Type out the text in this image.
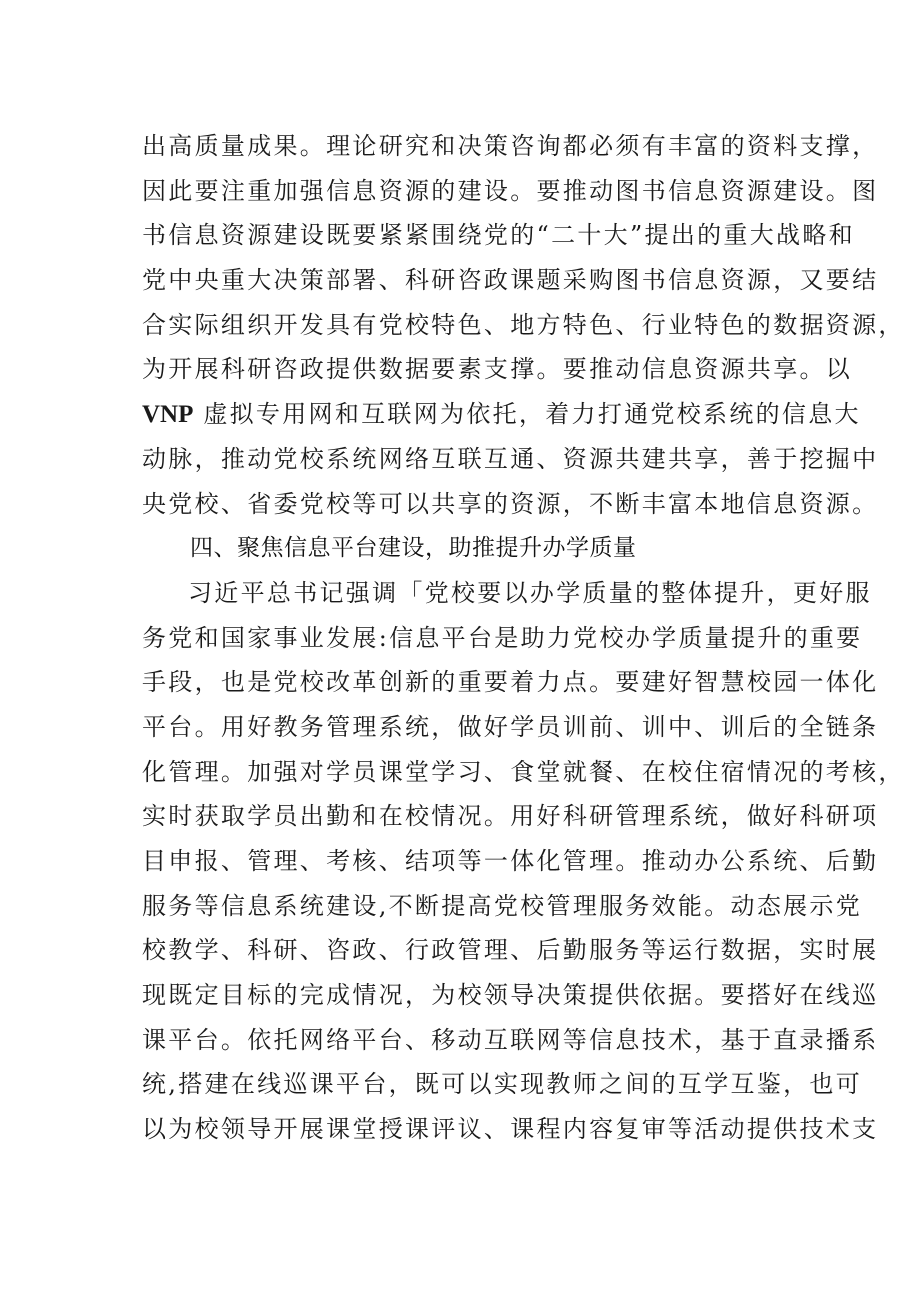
出高质量成果。理论研究和决策咨询都必须有丰富的资料支撑，
因此要注重加强信息资源的建设。要推动图书信息资源建设。图
书信息资源建设既要紧紧围绕党的“二十大”提出的重大战略和
党中央重大决策部署、科研咨政课题采购图书信息资源，又要结
合实际组织开发具有党校特色、地方特色、行业特色的数据资源，
为开展科研咨政提供数据要素支撑。要推动信息资源共享。以
VNP 虚拟专用网和互联网为依托，着力打通党校系统的信息大
动脉，推动党校系统网络互联互通、资源共建共享，善于挖掘中
央党校、省委党校等可以共享的资源，不断丰富本地信息资源。
四、聚焦信息平台建设，助推提升办学质量
习近平总书记强调「党校要以办学质量的整体提升，更好服
务党和国家事业发展:信息平台是助力党校办学质量提升的重要
手段，也是党校改革创新的重要着力点。要建好智慧校园一体化
平台。用好教务管理系统，做好学员训前、训中、训后的全链条
化管理。加强对学员课堂学习、食堂就餐、在校住宿情况的考核，
实时获取学员出勤和在校情况。用好科研管理系统，做好科研项
目申报、管理、考核、结项等一体化管理。推动办公系统、后勤
服务等信息系统建设,不断提高党校管理服务效能。动态展示党
校教学、科研、咨政、行政管理、后勤服务等运行数据，实时展
现既定目标的完成情况，为校领导决策提供依据。要搭好在线巡
课平台。依托网络平台、移动互联网等信息技术，基于直录播系
统,搭建在线巡课平台，既可以实现教师之间的互学互鉴，也可
以为校领导开展课堂授课评议、课程内容复审等活动提供技术支
